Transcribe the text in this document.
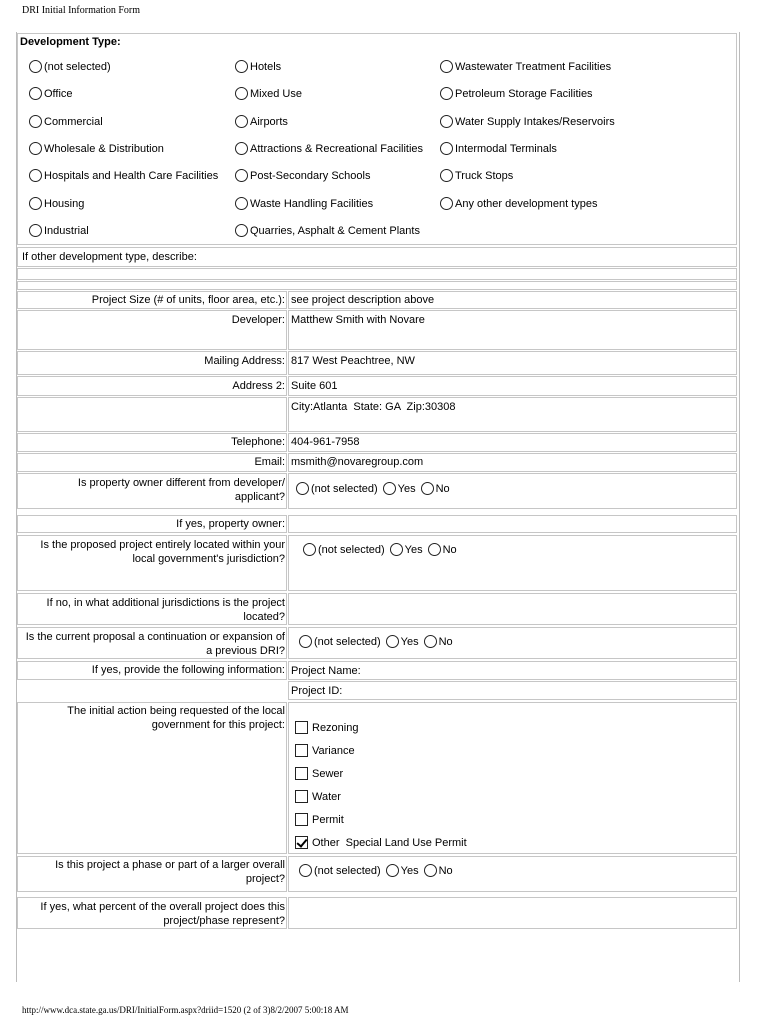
DRI Initial Information Form
Development Type:
(not selected)	Hotels	Wastewater Treatment Facilities
Office	Mixed Use	Petroleum Storage Facilities
Commercial	Airports	Water Supply Intakes/Reservoirs
Wholesale & Distribution	Attractions & Recreational Facilities	Intermodal Terminals
Hospitals and Health Care Facilities	Post-Secondary Schools	Truck Stops
Housing	Waste Handling Facilities	Any other development types
Industrial	Quarries, Asphalt & Cement Plants
If other development type, describe:
Project Size (# of units, floor area, etc.): see project description above
Developer: Matthew Smith with Novare
Mailing Address: 817 West Peachtree, NW
Address 2: Suite 601
City:Atlanta  State: GA  Zip:30308
Telephone: 404-961-7958
Email: msmith@novaregroup.com
Is property owner different from developer/ applicant?
(not selected) Yes No
If yes, property owner:
Is the proposed project entirely located within your local government's jurisdiction?
(not selected) Yes No
If no, in what additional jurisdictions is the project located?
Is the current proposal a continuation or expansion of a previous DRI?
(not selected) Yes No
If yes, provide the following information: Project Name:
Project ID:
The initial action being requested of the local government for this project: Rezoning
Variance
Sewer
Water
Permit
Other  Special Land Use Permit
Is this project a phase or part of a larger overall project?
(not selected) Yes No
If yes, what percent of the overall project does this project/phase represent?
http://www.dca.state.ga.us/DRI/InitialForm.aspx?driid=1520 (2 of 3)8/2/2007 5:00:18 AM
